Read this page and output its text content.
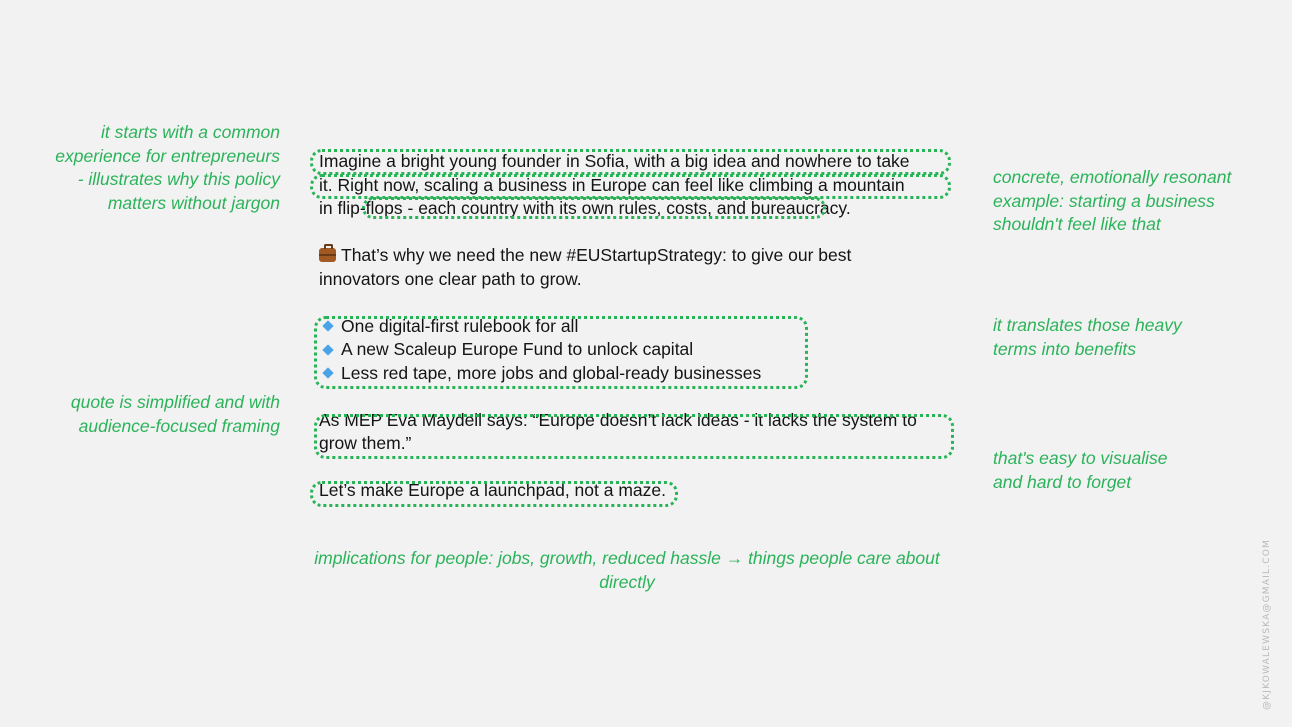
it starts with a common
experience for entrepreneurs
- illustrates why this policy
matters without jargon

quote is simplified and with
audience-focused framing

concrete, emotionally resonant
example: starting a business
shouldn't feel like that

it translates those heavy
terms into benefits

that's easy to visualise
and hard to forget

implications for people: jobs, growth, reduced hassle → things people care about
directly

Imagine a bright young founder in Sofia, with a big idea and nowhere to take
it. Right now, scaling a business in Europe can feel like climbing a mountain
in flip-flops - each country with its own rules, costs, and bureaucracy.

That’s why we need the new #EUStartupStrategy: to give our best
innovators one clear path to grow.

One digital-first rulebook for all
A new Scaleup Europe Fund to unlock capital
Less red tape, more jobs and global-ready businesses

As MEP Eva Maydell says: “Europe doesn’t lack ideas - it lacks the system to
grow them.”

Let’s make Europe a launchpad, not a maze.

@KJKOWALEWSKA@GMAIL.COM
